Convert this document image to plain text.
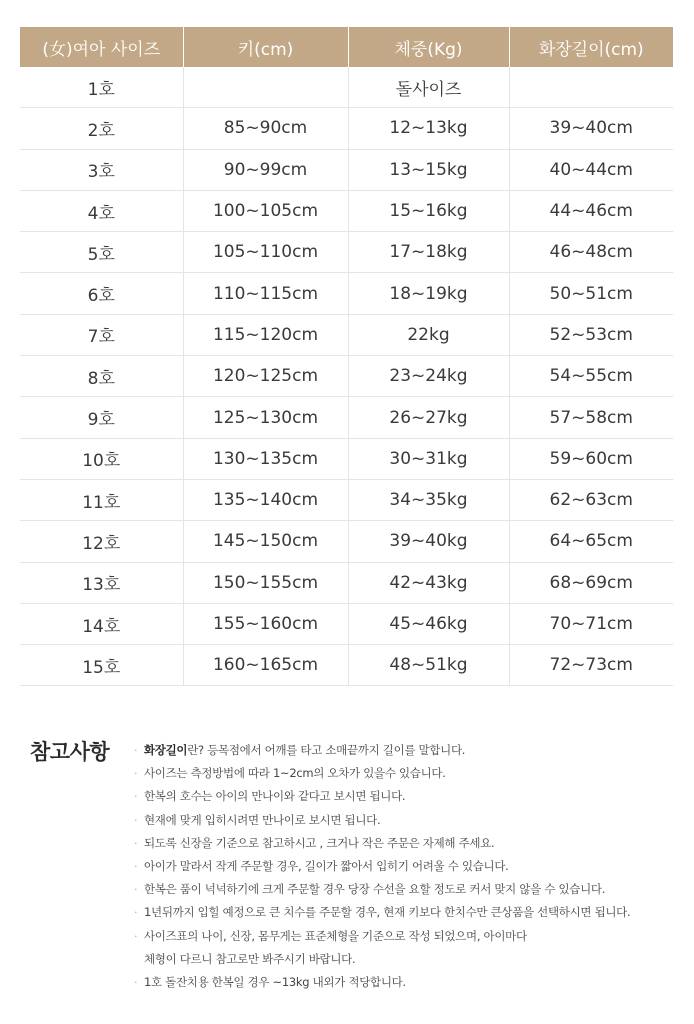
(女)여아 사이즈	키(cm)	체중(Kg)	화장길이(cm)
1호		돌사이즈	
2호	85~90cm	12~13kg	39~40cm
3호	90~99cm	13~15kg	40~44cm
4호	100~105cm	15~16kg	44~46cm
5호	105~110cm	17~18kg	46~48cm
6호	110~115cm	18~19kg	50~51cm
7호	115~120cm	22kg	52~53cm
8호	120~125cm	23~24kg	54~55cm
9호	125~130cm	26~27kg	57~58cm
10호	130~135cm	30~31kg	59~60cm
11호	135~140cm	34~35kg	62~63cm
12호	145~150cm	39~40kg	64~65cm
13호	150~155cm	42~43kg	68~69cm
14호	155~160cm	45~46kg	70~71cm
15호	160~165cm	48~51kg	72~73cm
참고사항 · 화장길이란? 등목점에서 어깨를 타고 소매끝까지 길이를 말합니다.
· 사이즈는 측정방법에 따라 1~2cm의 오차가 있을수 있습니다.
· 한복의 호수는 아이의 만나이와 같다고 보시면 됩니다.
· 현재에 맞게 입히시려면 만나이로 보시면 됩니다.
· 되도록 신장을 기준으로 참고하시고 , 크거나 작은 주문은 자제해 주세요.
· 아이가 말라서 작게 주문할 경우, 길이가 짧아서 입히기 어려울 수 있습니다.
· 한복은 품이 넉넉하기에 크게 주문할 경우 당장 수선을 요할 정도로 커서 맞지 않을 수 있습니다.
· 1년뒤까지 입힐 예정으로 큰 치수를 주문할 경우, 현재 키보다 한치수만 큰상품을 선택하시면 됩니다.
· 사이즈표의 나이, 신장, 몸무게는 표준체형을 기준으로 작성 되었으며, 아이마다
체형이 다르니 참고로만 봐주시기 바랍니다.
· 1호 돌잔치용 한복일 경우 ~13kg 내외가 적당합니다.
